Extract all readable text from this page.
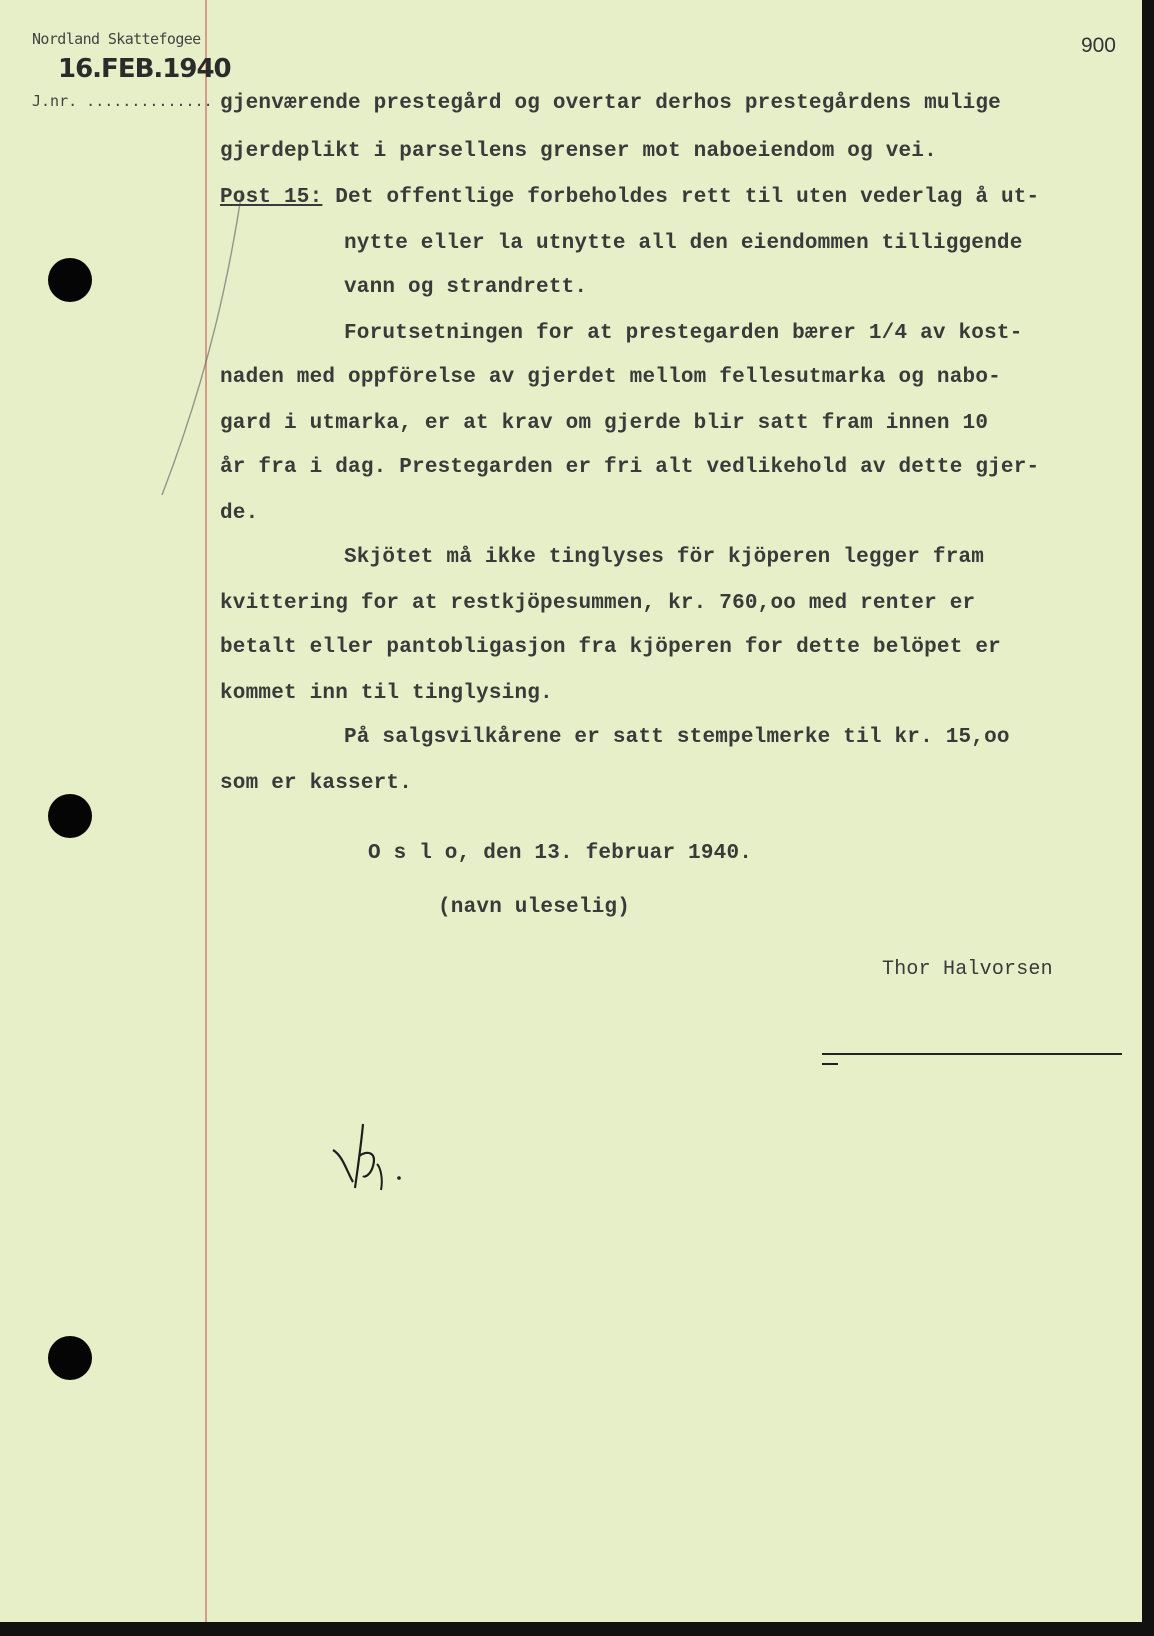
Nordland Skattefogee
16.FEB.1940
J.nr. ..............
900
gjenværende prestegård og overtar derhos prestegårdens mulige
gjerdeplikt i parsellens grenser mot naboeiendom og vei.
Post 15: Det offentlige forbeholdes rett til uten vederlag å ut-
nytte eller la utnytte all den eiendommen tilliggende
vann og strandrett.
Forutsetningen for at prestegarden bærer 1/4 av kost-
naden med oppförelse av gjerdet mellom fellesutmarka og nabo-
gard i utmarka, er at krav om gjerde blir satt fram innen 10
år fra i dag. Prestegarden er fri alt vedlikehold av dette gjer-
de.
Skjötet må ikke tinglyses för kjöperen legger fram
kvittering for at restkjöpesummen, kr. 760,oo med renter er
betalt eller pantobligasjon fra kjöperen for dette belöpet er
kommet inn til tinglysing.
På salgsvilkårene er satt stempelmerke til kr. 15,oo
som er kassert.
O s l o, den 13. februar 1940.
(navn uleselig)
Thor Halvorsen
